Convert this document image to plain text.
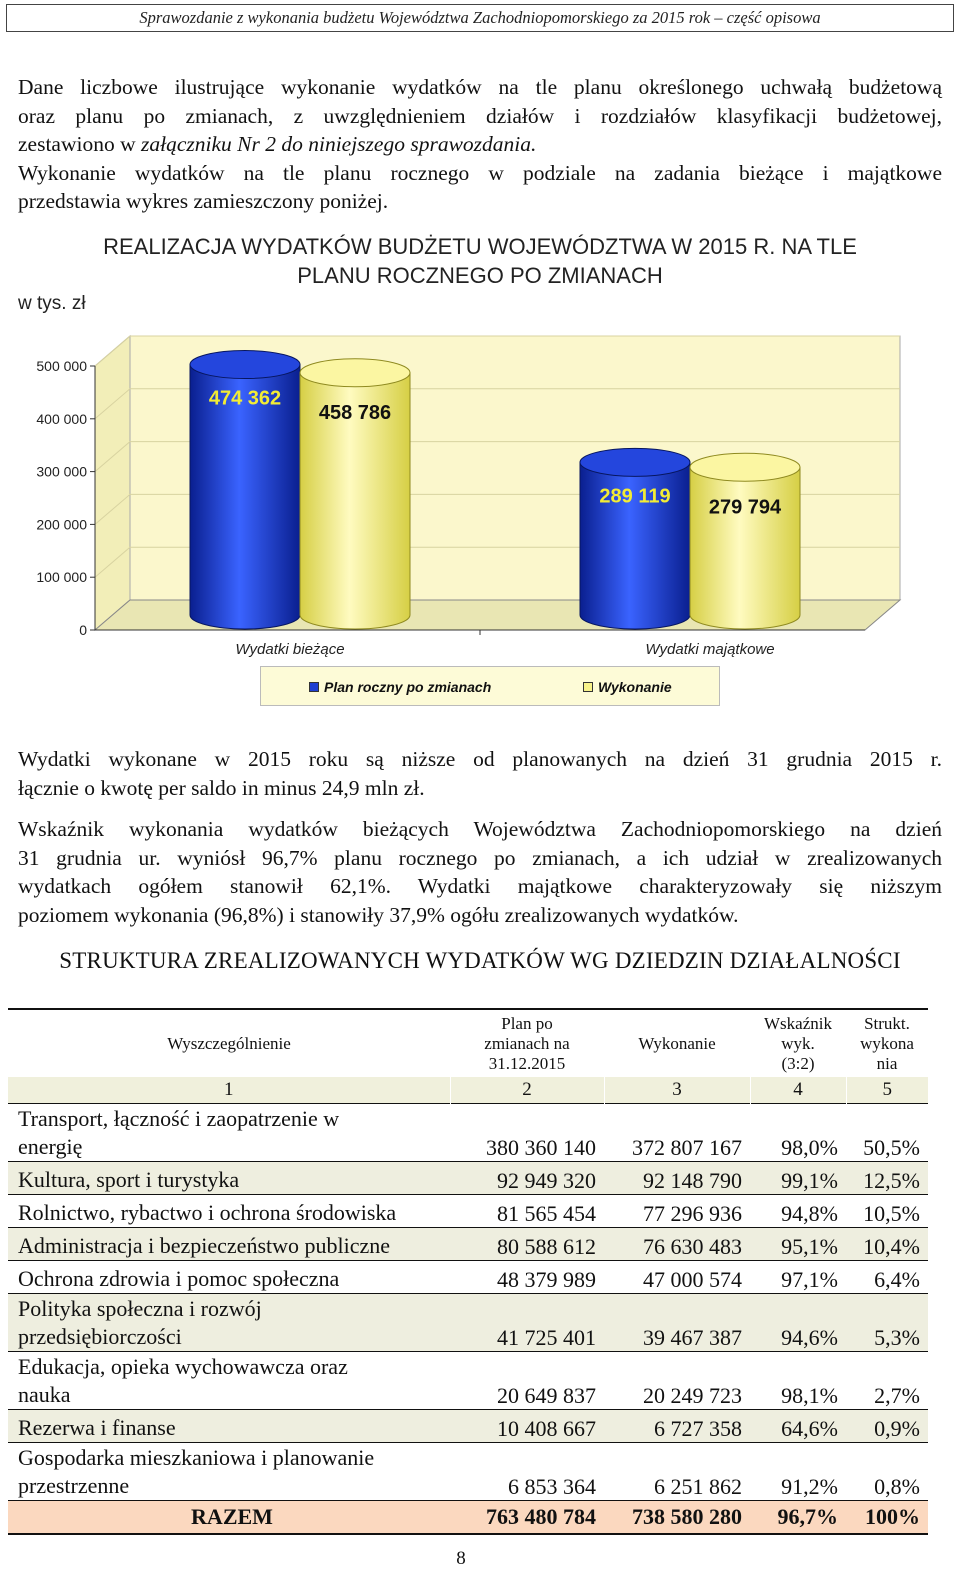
Sprawozdanie z wykonania budżetu Województwa Zachodniopomorskiego za 2015 rok – część opisowa
Dane liczbowe ilustrujące wykonanie wydatków na tle planu określonego uchwałą budżetową
oraz planu po zmianach, z uwzględnieniem działów i rozdziałów klasyfikacji budżetowej,
zestawiono w załączniku Nr 2 do niniejszego sprawozdania.
Wykonanie wydatków na tle planu rocznego w podziale na zadania bieżące i majątkowe
przedstawia wykres zamieszczony poniżej.
REALIZACJA WYDATKÓW BUDŻETU WOJEWÓDZTWA W 2015 R. NA TLE
PLANU ROCZNEGO PO ZMIANACH
w tys. zł
0
100 000
200 000
300 000
400 000
500 000
474 362
458 786
289 119 279 794
Wydatki bieżące	Wydatki majątkowe
Plan roczny po zmianach	Wykonanie
Wydatki wykonane w 2015 roku są niższe od planowanych na dzień 31 grudnia 2015 r.
łącznie o kwotę per saldo in minus 24,9 mln zł.
Wskaźnik wykonania wydatków bieżących Województwa Zachodniopomorskiego na dzień
31 grudnia ur. wyniósł 96,7% planu rocznego po zmianach, a ich udział w zrealizowanych
wydatkach ogółem stanowił 62,1%. Wydatki majątkowe charakteryzowały się niższym
poziomem wykonania (96,8%) i stanowiły 37,9% ogółu zrealizowanych wydatków.
STRUKTURA ZREALIZOWANYCH WYDATKÓW WG DZIEDZIN DZIAŁALNOŚCI
Wyszczególnienie	Plan po
zmianach na
31.12.2015	Wykonanie	Wskaźnik
wyk.
(3:2)	Strukt.
wykona
nia
1	2	3	4	5
Transport, łączność i zaopatrzenie w
energię	380 360 140	372 807 167	98,0%	50,5%
Kultura, sport i turystyka	92 949 320	92 148 790	99,1%	12,5%
Rolnictwo, rybactwo i ochrona środowiska	81 565 454	77 296 936	94,8%	10,5%
Administracja i bezpieczeństwo publiczne	80 588 612	76 630 483	95,1%	10,4%
Ochrona zdrowia i pomoc społeczna	48 379 989	47 000 574	97,1%	6,4%
Polityka społeczna i rozwój
przedsiębiorczości	41 725 401	39 467 387	94,6%	5,3%
Edukacja, opieka wychowawcza oraz
nauka	20 649 837	20 249 723	98,1%	2,7%
Rezerwa i finanse	10 408 667	6 727 358	64,6%	0,9%
Gospodarka mieszkaniowa i planowanie
przestrzenne	6 853 364	6 251 862	91,2%	0,8%
RAZEM	763 480 784	738 580 280	96,7%	100%
8
